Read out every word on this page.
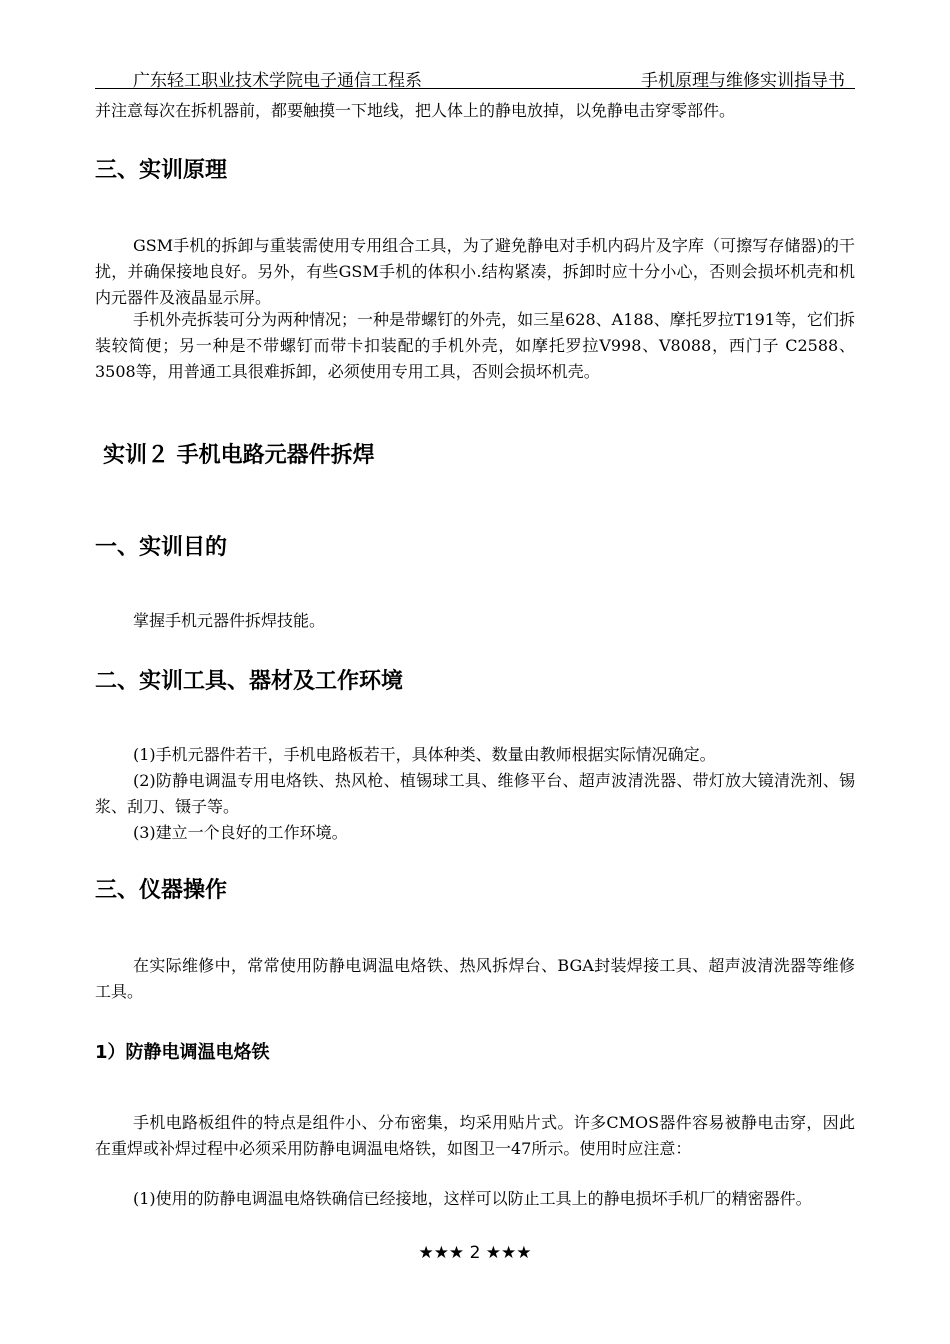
广东轻工职业技术学院电子通信工程系	手机原理与维修实训指导书
并注意每次在拆机器前，都要触摸一下地线，把人体上的静电放掉，以免静电击穿零部件。
三、实训原理
GSM手机的拆卸与重装需使用专用组合工具，为了避免静电对手机内码片及字库（可擦写存储器)的干扰，并确保接地良好。另外，有些GSM手机的体积小.结构紧凑，拆卸时应十分小心，否则会损坏机壳和机内元器件及液晶显示屏。
手机外壳拆装可分为两种情况；一种是带螺钉的外壳，如三星628、A188、摩托罗拉T191等，它们拆装较简便；另一种是不带螺钉而带卡扣装配的手机外壳，如摩托罗拉V998、V8088，西门子 C2588、3508等，用普通工具很难拆卸，必须使用专用工具，否则会损坏机壳。
实训２ 手机电路元器件拆焊
一、实训目的
掌握手机元器件拆焊技能。
二、实训工具、器材及工作环境
(1)手机元器件若干，手机电路板若干，具体种类、数量由教师根据实际情况确定。
(2)防静电调温专用电烙铁、热风枪、植锡球工具、维修平台、超声波清洗器、带灯放大镜清洗剂、锡浆、刮刀、镊子等。
(3)建立一个良好的工作环境。
三、仪器操作
在实际维修中，常常使用防静电调温电烙铁、热风拆焊台、BGA封装焊接工具、超声波清洗器等维修工具。
1）防静电调温电烙铁
手机电路板组件的特点是组件小、分布密集，均采用贴片式。许多CMOS器件容易被静电击穿，因此在重焊或补焊过程中必须采用防静电调温电烙铁，如图卫一47所示。使用时应注意：
(1)使用的防静电调温电烙铁确信已经接地，这样可以防止工具上的静电损坏手机厂的精密器件。
★★★ 2 ★★★
